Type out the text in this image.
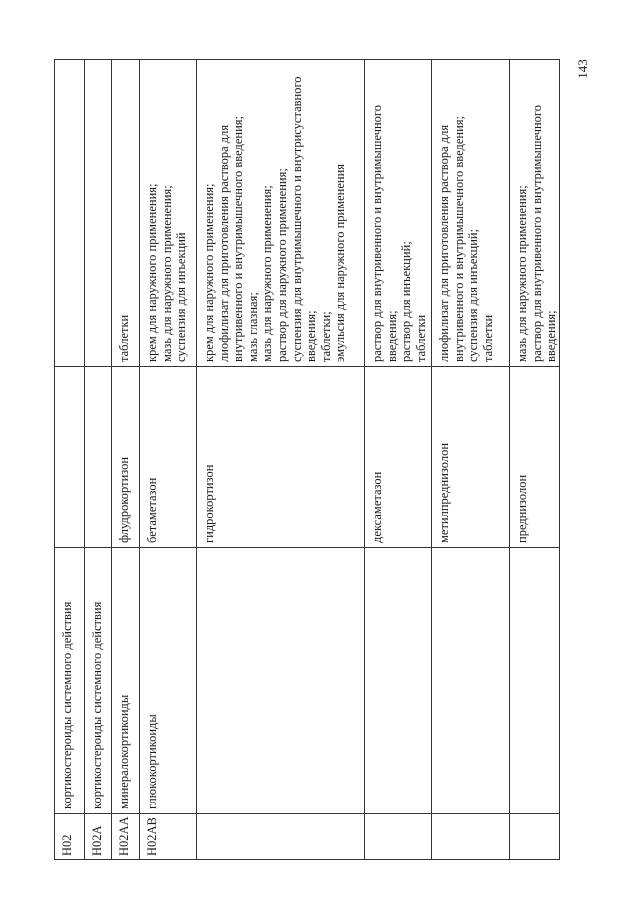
H02
кортикостероиды системного действия
H02A
кортикостероиды системного действия
H02AA
минералокортикоиды
флудрокортизон
таблетки
H02AB
глюкокортикоиды
бетаметазон
крем для наружного применения; мазь для наружного применения; суспензия для инъекций
гидрокортизон
крем для наружного применения; лиофилизат для приготовления раствора для внутривенного и внутримышечного введения; мазь глазная; мазь для наружного применения; раствор для наружного применения; суспензия для внутримышечного и внутрисуставного введения; таблетки; эмульсия для наружного применения
дексаметазон
раствор для внутривенного и внутримышечного введения; раствор для инъекций; таблетки
метилпреднизолон
лиофилизат для приготовления раствора для внутривенного и внутримышечного введения; суспензия для инъекций; таблетки
преднизолон
мазь для наружного применения; раствор для внутривенного и внутримышечного введения;
143
